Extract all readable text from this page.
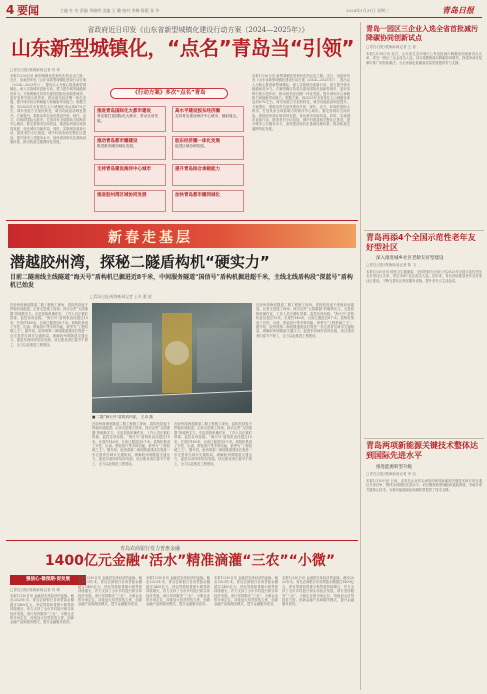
4 要闻	主编 杜 亮 责编 李晓明 美编 王 璐 校对 李梅 排版 张 冬	2024年1月31日 星期三	青岛日报
省政府近日印发《山东省新型城镇化建设行动方案（2024—2025年）》
山东新型城镇化，“点名”青岛当“引领”
□青岛日报/观海新闻记者 肖 坤
本报1月30日讯 新型城镇化是现代化的必由之路。近日，省政府印发《山东省新型城镇化建设行动方案（2024—2025年）》，提出以人为核心推进新型城镇化，深入实施城市更新行动，着力提升城市能级和竞争力。方案明确支持青岛建设国际化创新型城市，更好发挥引领示范作用，推动胶东经济圈一体化发展，提升城市综合承载能力和辐射带动能力。根据方案，到2025年全省常住人口城镇化率达到67%左右，城市发展方式加快转变，城市功能品质明显提升。方案提出，要推动青岛加快建设开放、现代、活力、时尚的国际大都市，打造具有全球影响力的海洋中心城市。要完善城市空间布局，推进胶州湾区域协同发展，优化城市功能布局。同时，实施城市更新行动，推进老旧小区改造、城中村改造和完整社区建设，提升城市公共服务水平。加快建设现代化基础设施体系，推动轨道交通网络化发展。
《行动方案》多次“点名”青岛
推进青岛国际化大都市建设
青岛要打造国际化大都市，带动全省发展。
高水平建设胶东经济圈
支持青岛建设海洋中心城市，辐射周边。
推动青岛都市圈建设
推进都市圈同城化发展。
胶东经济圈一体化发展
促进区域协调发展。
支持青岛建设海洋中心城市	提升青岛综合承载能力
推进胶州湾区域协同发展	加快青岛都市圈同城化
本报1月30日讯 新型城镇化是现代化的必由之路。近日，省政府印发《山东省新型城镇化建设行动方案（2024—2025年）》，提出以人为核心推进新型城镇化，深入实施城市更新行动，着力提升城市能级和竞争力。方案明确支持青岛建设国际化创新型城市，更好发挥引领示范作用，推动胶东经济圈一体化发展，提升城市综合承载能力和辐射带动能力。根据方案，到2025年全省常住人口城镇化率达到67%左右，城市发展方式加快转变，城市功能品质明显提升。方案提出，要推动青岛加快建设开放、现代、活力、时尚的国际大都市，打造具有全球影响力的海洋中心城市。要完善城市空间布局，推进胶州湾区域协同发展，优化城市功能布局。同时，实施城市更新行动，推进老旧小区改造、城中村改造和完整社区建设，提升城市公共服务水平。加快建设现代化基础设施体系，推动轨道交通网络化发展。
新春走基层
潜越胶州湾，探秘二隧盾构机“硬实力”
目前二隧南线主线隧道“海天号”盾构机已掘进近8千米，中间服务隧道“国信号”盾构机掘进超千米，主线北线盾构段“深蓝号”盾构机已始发
□青岛日报/观海新闻记者 王卓 董 波
在胶州湾海底隧道二期工程施工现场，盾构机昼夜不停地向前掘进。记者走进施工现场，探访这些“大国重器”的硬核实力。走进盾构机操作室，工作人员正紧盯屏幕，监控各项参数。“海天号”盾构机直径超过15米，长度约140米，目前已掘进近8千米。盾构机集成了开挖、出渣、拼装管片等多种功能，被誉为“工程机械之王”。据介绍，胶州湾第二海底隧道建成后将进一步完善青岛城市交通格局，缓解胶州湾隧道交通压力，促进东西两岸协同发展。项目建设者们春节不停工，全力以赴推进工程建设。
■ 二隧“海天号”盾构机内部。 王卓 摄
在胶州湾海底隧道二期工程施工现场，盾构机昼夜不停地向前掘进。记者走进施工现场，探访这些“大国重器”的硬核实力。走进盾构机操作室，工作人员正紧盯屏幕，监控各项参数。“海天号”盾构机直径超过15米，长度约140米，目前已掘进近8千米。盾构机集成了开挖、出渣、拼装管片等多种功能，被誉为“工程机械之王”。据介绍，胶州湾第二海底隧道建成后将进一步完善青岛城市交通格局，缓解胶州湾隧道交通压力，促进东西两岸协同发展。项目建设者们春节不停工，全力以赴推进工程建设。
在胶州湾海底隧道二期工程施工现场，盾构机昼夜不停地向前掘进。记者走进施工现场，探访这些“大国重器”的硬核实力。走进盾构机操作室，工作人员正紧盯屏幕，监控各项参数。“海天号”盾构机直径超过15米，长度约140米，目前已掘进近8千米。盾构机集成了开挖、出渣、拼装管片等多种功能，被誉为“工程机械之王”。据介绍，胶州湾第二海底隧道建成后将进一步完善青岛城市交通格局，缓解胶州湾隧道交通压力，促进东西两岸协同发展。项目建设者们春节不停工，全力以赴推进工程建设。
在胶州湾海底隧道二期工程施工现场，盾构机昼夜不停地向前掘进。记者走进施工现场，探访这些“大国重器”的硬核实力。走进盾构机操作室，工作人员正紧盯屏幕，监控各项参数。“海天号”盾构机直径超过15米，长度约140米，目前已掘进近8千米。盾构机集成了开挖、出渣、拼装管片等多种功能，被誉为“工程机械之王”。据介绍，胶州湾第二海底隧道建成后将进一步完善青岛城市交通格局，缓解胶州湾隧道交通压力，促进东西两岸协同发展。项目建设者们春节不停工，全力以赴推进工程建设。
青岛农商银行发力普惠金融
1400亿元金融“活水”精准滴灌“三农”“小微”
强信心·稳预期·促发展
□青岛日报/观海新闻记者 肖 坤
本报1月30日讯 金融是实体经济的血脉。截至2023年末，青岛农商银行各项贷款余额超过1400亿元，涉农贷款和普惠小微贷款持续增长，有力支持了全市乡村振兴和实体经济发展。该行坚持服务“三农”、小微企业的市场定位，持续加大信贷投放力度，创新金融产品和服务模式，提升金融服务质效。
本报1月30日讯 金融是实体经济的血脉。截至2023年末，青岛农商银行各项贷款余额超过1400亿元，涉农贷款和普惠小微贷款持续增长，有力支持了全市乡村振兴和实体经济发展。该行坚持服务“三农”、小微企业的市场定位，持续加大信贷投放力度，创新金融产品和服务模式，提升金融服务质效。
本报1月30日讯 金融是实体经济的血脉。截至2023年末，青岛农商银行各项贷款余额超过1400亿元，涉农贷款和普惠小微贷款持续增长，有力支持了全市乡村振兴和实体经济发展。该行坚持服务“三农”、小微企业的市场定位，持续加大信贷投放力度，创新金融产品和服务模式，提升金融服务质效。
本报1月30日讯 金融是实体经济的血脉。截至2023年末，青岛农商银行各项贷款余额超过1400亿元，涉农贷款和普惠小微贷款持续增长，有力支持了全市乡村振兴和实体经济发展。该行坚持服务“三农”、小微企业的市场定位，持续加大信贷投放力度，创新金融产品和服务模式，提升金融服务质效。
本报1月30日讯 金融是实体经济的血脉。截至2023年末，青岛农商银行各项贷款余额超过1400亿元，涉农贷款和普惠小微贷款持续增长，有力支持了全市乡村振兴和实体经济发展。该行坚持服务“三农”、小微企业的市场定位，持续加大信贷投放力度，创新金融产品和服务模式，提升金融服务质效。
青岛一园区三企业入选全省首批减污降碳协同创新试点
□青岛日报/观海新闻记者 王 春
本报1月30日讯 近日，山东省生态环境厅公布首批减污降碳协同创新试点名单，青岛一园区三企业成功入选。试点将聚焦减污降碳协同增效，探索形成可复制可推广的经验做法，为全省绿色低碳高质量发展提供有力支撑。
青岛再添4个全国示范性老年友好型社区
深入推进城乡社区老龄友好型建设
□青岛日报/观海新闻记者 陈 飞
本报1月30日讯 国家卫生健康委、全国老龄办日前公布2023年全国示范性老年友好型社区名单，青岛市4个社区成功入选。近年来，青岛持续推进老年友好型社区建设，不断完善社区养老服务设施，提升老年人生活品质。
青岛两项新能源关键技术整体达到国际先进水平
推进能源转型升级
□青岛日报/观海新闻记者 李 洁
本报1月30日讯 日前，由青岛企业牵头承担的两项新能源关键技术研究项目通过专家评审，整体达到国际先进水平。项目聚焦新型储能和氢能领域，突破多项关键核心技术，为推动能源绿色低碳转型提供了技术支撑。
